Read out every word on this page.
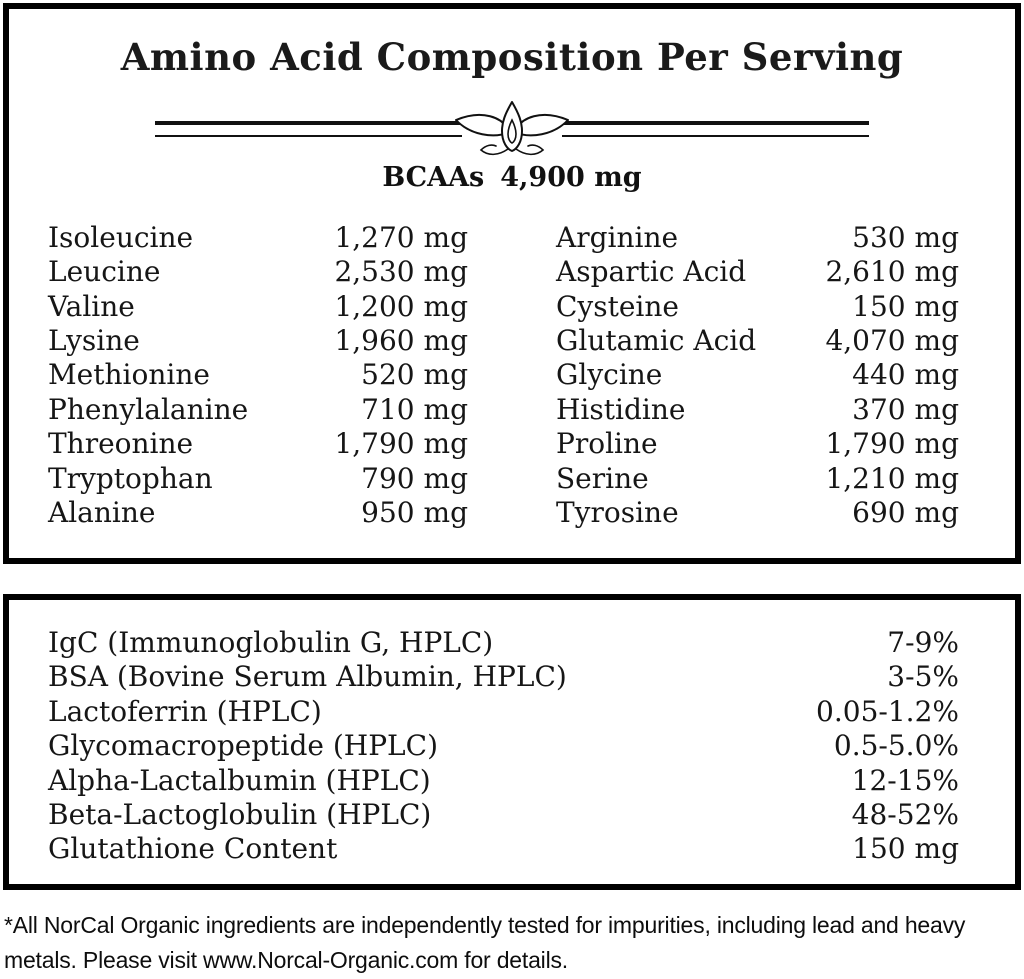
Amino Acid Composition Per Serving
BCAAs 4,900 mg
Isoleucine	1,270 mg	Arginine	530 mg
Leucine	2,530 mg	Aspartic Acid	2,610 mg
Valine	1,200 mg	Cysteine	150 mg
Lysine	1,960 mg	Glutamic Acid	4,070 mg
Methionine	520 mg	Glycine	440 mg
Phenylalanine	710 mg	Histidine	370 mg
Threonine	1,790 mg	Proline	1,790 mg
Tryptophan	790 mg	Serine	1,210 mg
Alanine	950 mg	Tyrosine	690 mg
IgC (Immunoglobulin G, HPLC)	7-9%
BSA (Bovine Serum Albumin, HPLC)	3-5%
Lactoferrin (HPLC)	0.05-1.2%
Glycomacropeptide (HPLC)	0.5-5.0%
Alpha-Lactalbumin (HPLC)	12-15%
Beta-Lactoglobulin (HPLC)	48-52%
Glutathione Content	150 mg
*All NorCal Organic ingredients are independently tested for impurities, including lead and heavy
metals. Please visit www.Norcal-Organic.com for details.
